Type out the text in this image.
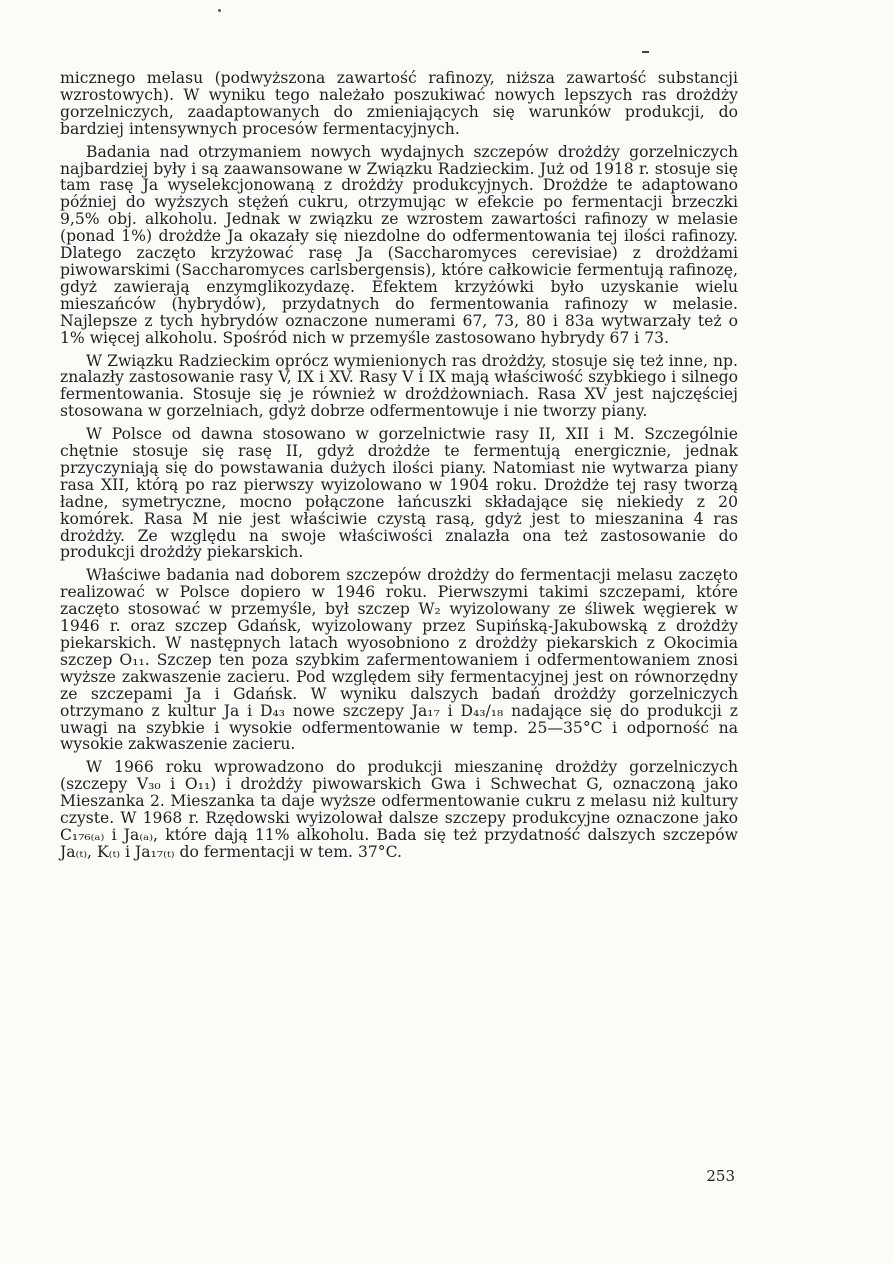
micznego melasu (podwyższona zawartość rafinozy, niższa zawartość substancji wzrostowych). W wyniku tego należało poszukiwać nowych lepszych ras drożdży gorzelniczych, zaadaptowanych do zmieniających się warunków produkcji, do bardziej intensywnych procesów fermentacyjnych.

Badania nad otrzymaniem nowych wydajnych szczepów drożdży gorzelniczych najbardziej były i są zaawansowane w Związku Radzieckim. Już od 1918 r. stosuje się tam rasę Ja wyselekcjonowaną z drożdży produkcyjnych. Drożdże te adaptowano później do wyższych stężeń cukru, otrzymując w efekcie po fermentacji brzeczki 9,5% obj. alkoholu. Jednak w związku ze wzrostem zawartości rafinozy w melasie (ponad 1%) drożdże Ja okazały się niezdolne do odfermentowania tej ilości rafinozy. Dlatego zaczęto krzyżować rasę Ja (Saccharomyces cerevisiae) z drożdżami piwowarskimi (Saccharomyces carlsbergensis), które całkowicie fermentują rafinozę, gdyż zawierają enzymglikozydazę. Efektem krzyżówki było uzyskanie wielu mieszańców (hybrydów), przydatnych do fermentowania rafinozy w melasie. Najlepsze z tych hybrydów oznaczone numerami 67, 73, 80 i 83a wytwarzały też o 1% więcej alkoholu. Spośród nich w przemyśle zastosowano hybrydy 67 i 73.

W Związku Radzieckim oprócz wymienionych ras drożdży, stosuje się też inne, np. znalazły zastosowanie rasy V, IX i XV. Rasy V i IX mają właściwość szybkiego i silnego fermentowania. Stosuje się je również w drożdżowniach. Rasa XV jest najczęściej stosowana w gorzelniach, gdyż dobrze odfermentowuje i nie tworzy piany.

W Polsce od dawna stosowano w gorzelnictwie rasy II, XII i M. Szczególnie chętnie stosuje się rasę II, gdyż drożdże te fermentują energicznie, jednak przyczyniają się do powstawania dużych ilości piany. Natomiast nie wytwarza piany rasa XII, którą po raz pierwszy wyizolowano w 1904 roku. Drożdże tej rasy tworzą ładne, symetryczne, mocno połączone łańcuszki składające się niekiedy z 20 komórek. Rasa M nie jest właściwie czystą rasą, gdyż jest to mieszanina 4 ras drożdży. Ze względu na swoje właściwości znalazła ona też zastosowanie do produkcji drożdży piekarskich.

Właściwe badania nad doborem szczepów drożdży do fermentacji melasu zaczęto realizować w Polsce dopiero w 1946 roku. Pierwszymi takimi szczepami, które zaczęto stosować w przemyśle, był szczep W₂ wyizolowany ze śliwek węgierek w 1946 r. oraz szczep Gdańsk, wyizolowany przez Supińską-Jakubowską z drożdży piekarskich. W następnych latach wyosobniono z drożdży piekarskich z Okocimia szczep O₁₁. Szczep ten poza szybkim zafermentowaniem i odfermentowaniem znosi wyższe zakwaszenie zacieru. Pod względem siły fermentacyjnej jest on równorzędny ze szczepami Ja i Gdańsk. W wyniku dalszych badań drożdży gorzelniczych otrzymano z kultur Ja i D₄₃ nowe szczepy Ja₁₇ i D₄₃/₁₈ nadające się do produkcji z uwagi na szybkie i wysokie odfermentowanie w temp. 25—35°C i odporność na wysokie zakwaszenie zacieru.

W 1966 roku wprowadzono do produkcji mieszaninę drożdży gorzelniczych (szczepy V₃₀ i O₁₁) i drożdży piwowarskich Gwa i Schwechat G, oznaczoną jako Mieszanka 2. Mieszanka ta daje wyższe odfermentowanie cukru z melasu niż kultury czyste. W 1968 r. Rzędowski wyizolował dalsze szczepy produkcyjne oznaczone jako C₁₇₆₍ₐ₎ i Ja₍ₐ₎, które dają 11% alkoholu. Bada się też przydatność dalszych szczepów Ja₍ₜ₎, K₍ₜ₎ i Ja₁₇₍ₜ₎ do fermentacji w tem. 37°C.

253
